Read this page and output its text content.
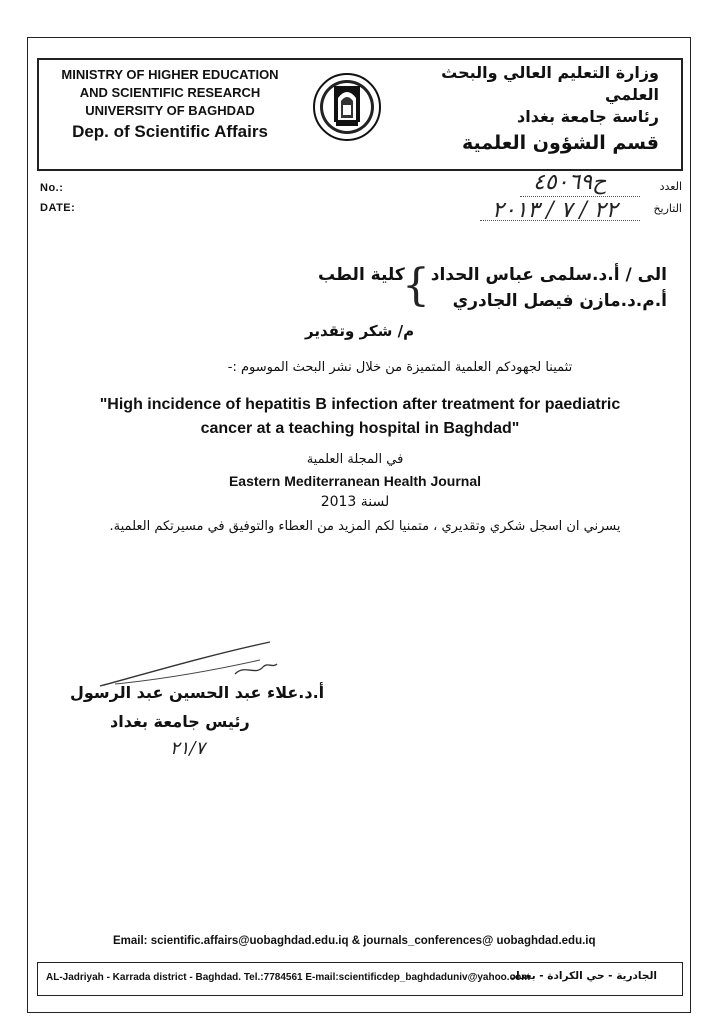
MINISTRY OF HIGHER EDUCATION
AND SCIENTIFIC RESEARCH
UNIVERSITY OF BAGHDAD
Dep. of Scientific Affairs
وزارة التعليم العالي والبحث العلمي
رئاسة جامعة بغداد
قسم الشؤون العلمية
No.:
DATE:
العدد
التاريخ
ح٤٥٠٦٩
٢٢ / ٧ / ٢٠١٣
الى / أ.د.سلمى عباس الحداد
أ.م.د.مازن فيصل الجادري
{
كلية الطب
م/ شكر وتقدير
تثمينا لجهودكم العلمية المتميزة من خلال نشر البحث الموسوم :-
"High incidence of hepatitis B infection after treatment for paediatric cancer at a teaching hospital in Baghdad"
في المجلة العلمية
Eastern Mediterranean Health Journal
لسنة 2013
يسرني ان اسجل شكري وتقديري ، متمنيا لكم المزيد من العطاء والتوفيق في مسيرتكم العلمية.
أ.د.علاء عبد الحسين عبد الرسول
رئيس جامعة بغداد
٢١/٧
Email: scientific.affairs@uobaghdad.edu.iq & journals_conferences@ uobaghdad.edu.iq
AL-Jadriyah - Karrada district - Baghdad. Tel.:7784561 E-mail:scientificdep_baghdaduniv@yahoo.com
الجادرية - حي الكرادة - بغداد
